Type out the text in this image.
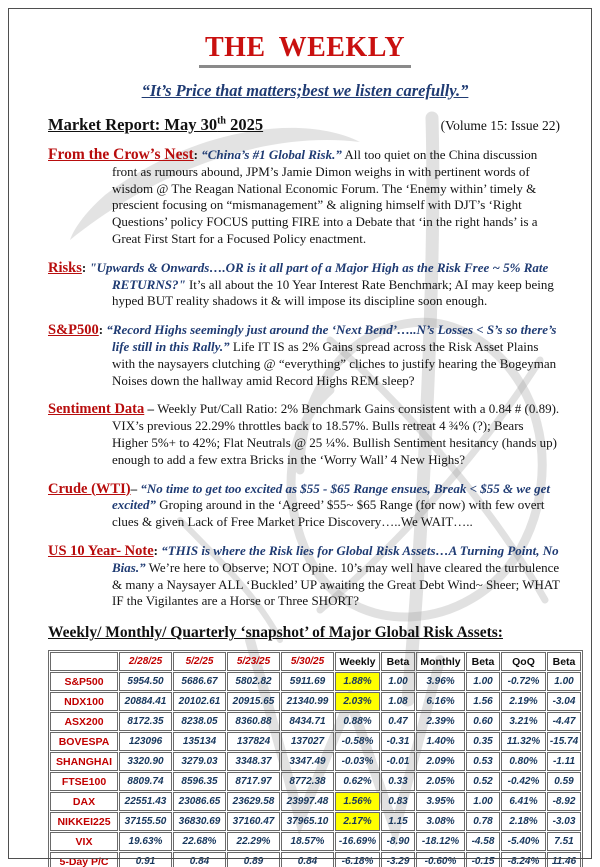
THE WEEKLY
“It’s Price that matters;best we listen carefully.”
Market Report: May 30th 2025	(Volume 15: Issue 22)

From the Crow’s Nest: “China’s #1 Global Risk.” All too quiet on the China discussion front as rumours abound, JPM’s Jamie Dimon weighs in with pertinent words of wisdom @ The Reagan National Economic Forum. The ‘Enemy within’ timely & prescient focusing on “mismanagement” & aligning himself with DJT’s ‘Right Questions’ policy FOCUS putting FIRE into a Debate that ‘in the right hands’ is a Great First Start for a Focused Policy enactment.

Risks: "Upwards & Onwards….OR is it all part of a Major High as the Risk Free ~ 5% Rate RETURNS?" It’s all about the 10 Year Interest Rate Benchmark; AI may keep being hyped BUT reality shadows it & will impose its discipline soon enough.

S&P500: “Record Highs seemingly just around the ‘Next Bend’…..N’s Losses < S’s so there’s life still in this Rally.” Life IT IS as 2% Gains spread across the Risk Asset Plains with the naysayers clutching @ “everything” cliches to justify hearing the Bogeyman Noises down the hallway amid Record Highs REM sleep?

Sentiment Data – Weekly Put/Call Ratio: 2% Benchmark Gains consistent with a 0.84 # (0.89). VIX’s previous 22.29% throttles back to 18.57%. Bulls retreat 4 ¾% (?); Bears Higher 5%+ to 42%; Flat Neutrals @ 25 ¼%. Bullish Sentiment hesitancy (hands up) enough to add a few extra Bricks in the ‘Worry Wall’ 4 New Highs?

Crude (WTI)– “No time to get too excited as $55 - $65 Range ensues, Break < $55 & we get excited” Groping around in the ‘Agreed’ $55~ $65 Range (for now) with few overt clues & given Lack of Free Market Price Discovery…..We WAIT…..

US 10 Year- Note: “THIS is where the Risk lies for Global Risk Assets…A Turning Point, No Bias.” We’re here to Observe; NOT Opine. 10’s may well have cleared the turbulence & many a Naysayer ALL ‘Buckled’ UP awaiting the Great Debt Wind~ Sheer; WHAT IF the Vigilantes are a Horse or Three SHORT?

Weekly/ Monthly/ Quarterly ‘snapshot’ of Major Global Risk Assets:
	2/28/25	5/2/25	5/23/25	5/30/25	Weekly	Beta	Monthly	Beta	QoQ	Beta
S&P500	5954.50	5686.67	5802.82	5911.69	1.88%	1.00	3.96%	1.00	-0.72%	1.00
NDX100	20884.41	20102.61	20915.65	21340.99	2.03%	1.08	6.16%	1.56	2.19%	-3.04
ASX200	8172.35	8238.05	8360.88	8434.71	0.88%	0.47	2.39%	0.60	3.21%	-4.47
BOVESPA	123096	135134	137824	137027	-0.58%	-0.31	1.40%	0.35	11.32%	-15.74
SHANGHAI	3320.90	3279.03	3348.37	3347.49	-0.03%	-0.01	2.09%	0.53	0.80%	-1.11
FTSE100	8809.74	8596.35	8717.97	8772.38	0.62%	0.33	2.05%	0.52	-0.42%	0.59
DAX	22551.43	23086.65	23629.58	23997.48	1.56%	0.83	3.95%	1.00	6.41%	-8.92
NIKKEI225	37155.50	36830.69	37160.47	37965.10	2.17%	1.15	3.08%	0.78	2.18%	-3.03
VIX	19.63%	22.68%	22.29%	18.57%	-16.69%	-8.90	-18.12%	-4.58	-5.40%	7.51
5-Day P/C	0.91	0.84	0.89	0.84	-6.18%	-3.29	-0.60%	-0.15	-8.24%	11.46
